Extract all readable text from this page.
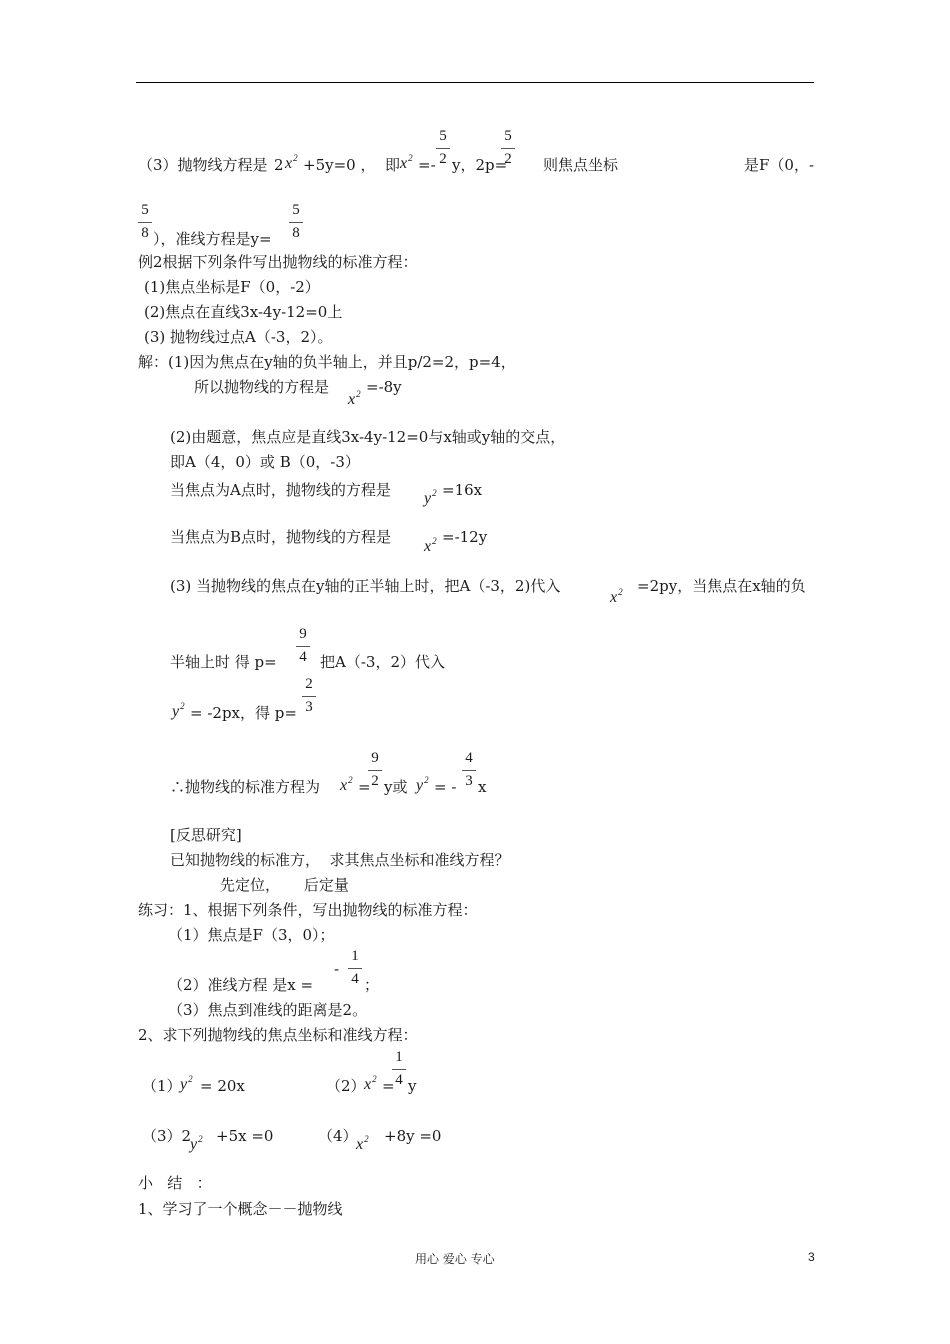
（3）抛物线方程是 2 $x^2 +5y=0$ ，  即 $x^2$ =-
5
2 y，2p=
5
2 则焦点坐标	是F（0，-
5
8 ），准线方程是y=
5
8
例2根据下列条件写出抛物线的标准方程：
(1)焦点坐标是F（0，-2）
(2)焦点在直线3x-4y-12=0上
(3) 抛物线过点A（-3，2）。
解：(1)因为焦点在y轴的负半轴上，并且p/2=2，p=4，
所以抛物线的方程是
$x^2 =-8y$
(2)由题意，焦点应是直线3x-4y-12=0与x轴或y轴的交点，
即A（4，0）或 B（0，-3）
当焦点为A点时，抛物线的方程是 $y^2 =16x$
当焦点为B点时，抛物线的方程是
$x^2 =-12y$
(3) 当抛物线的焦点在y轴的正半轴上时，把A（-3，2)代入
$x^2 =2py$，当焦点在x轴的负
半轴上时 得 p=
9
4 把A（-3，2）代入
$y^2 = -2px$，得 p=
2
3
∴抛物线的标准方程为 $x^2$ =
9
2 y或 $y^2$ = -
4
3 x
[反思研究]
已知抛物线的标准方，  求其焦点坐标和准线方程？
先定位，     后定量
练习：1、根据下列条件，写出抛物线的标准方程：
（1）焦点是F（3，0）；
（2）准线方程 是x =
-
1
4 ；
（3）焦点到准线的距离是2。
2、求下列抛物线的焦点坐标和准线方程：
（1）
$y^2 = 20x$	（2）
$x^2$ =
1
4 y
（3）2
$y^2 +5x =0$	（4）
$x^2 +8y =0$
小   结   ：
1、学习了一个概念－－抛物线
用心 爱心 专心	3
